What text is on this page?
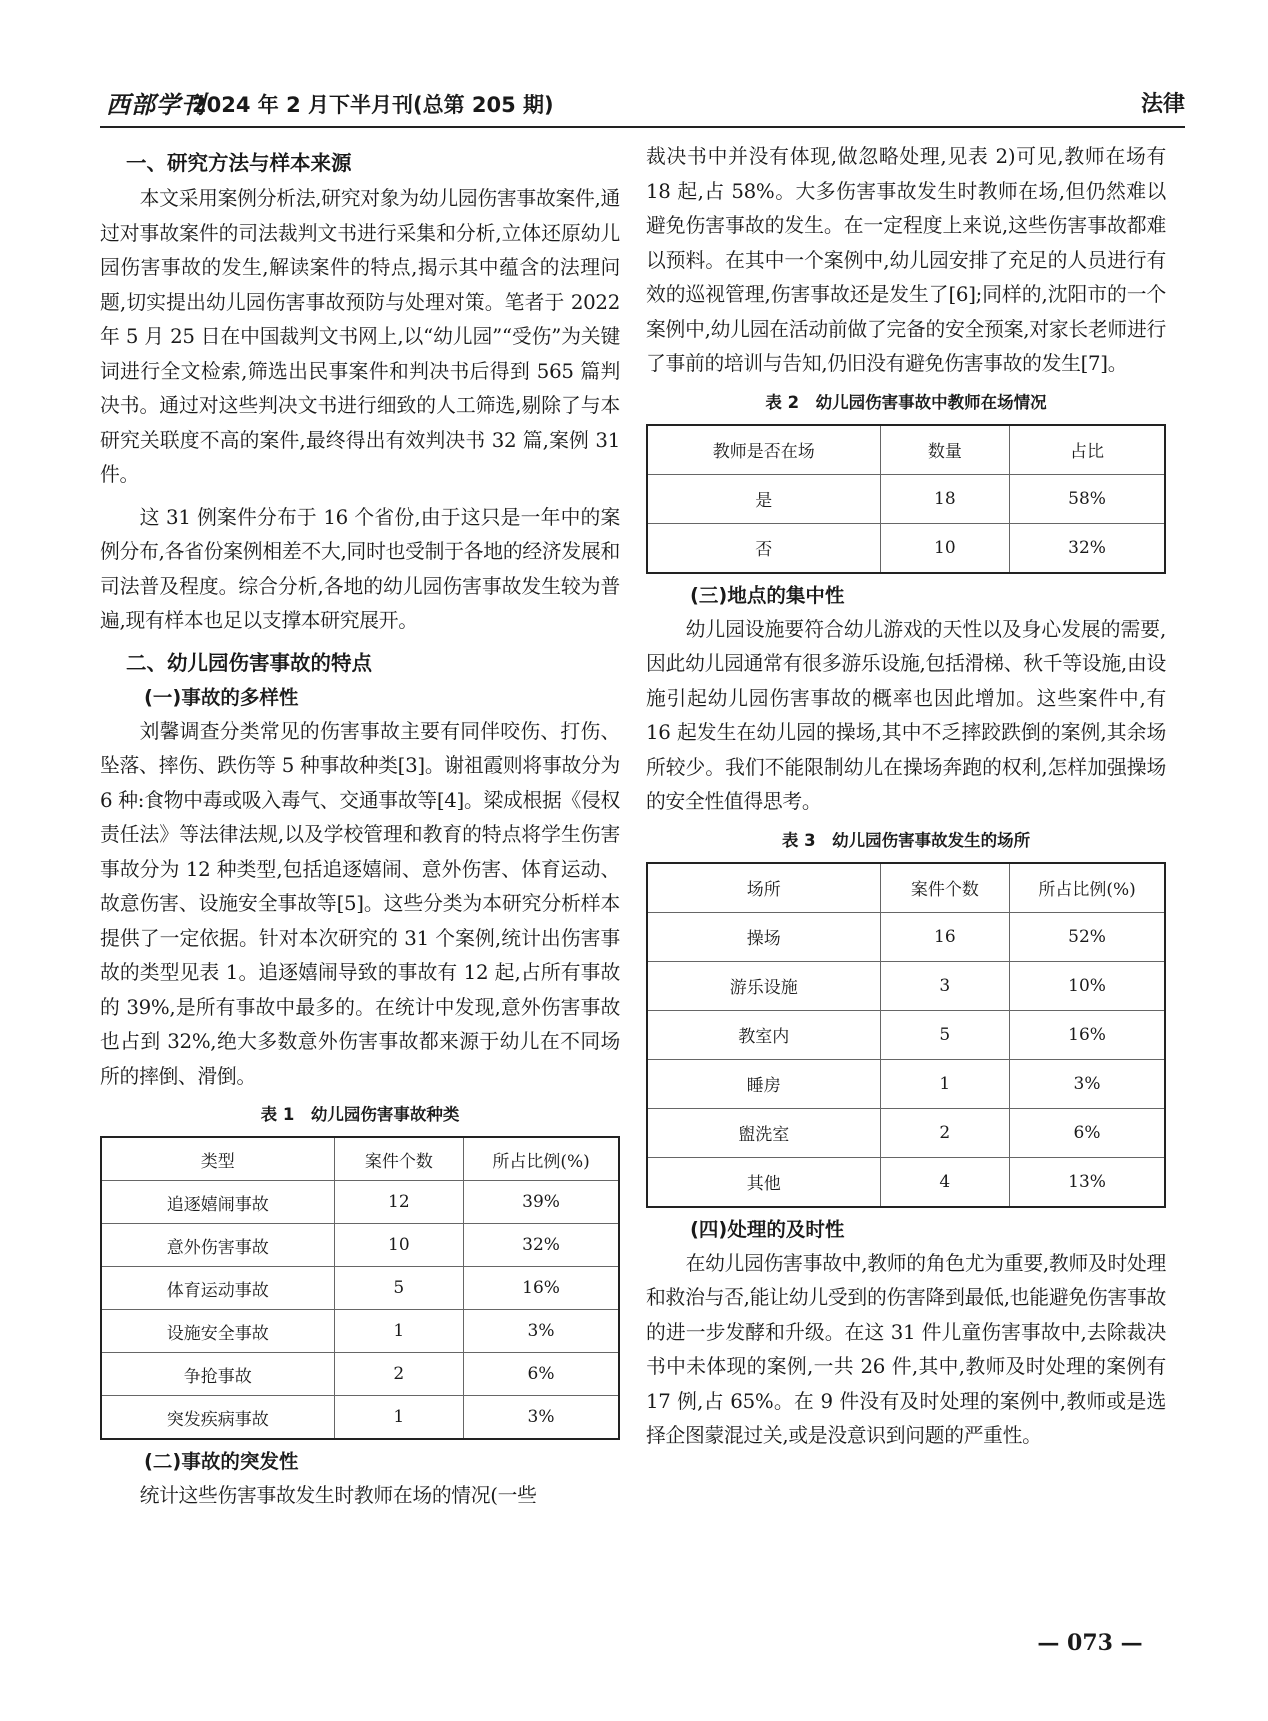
西部学刊
2024 年 2 月下半月刊(总第 205 期)	法律
一、研究方法与样本来源

本文采用案例分析法,研究对象为幼儿园伤害事故案件,通过对事故案件的司法裁判文书进行采集和分析,立体还原幼儿园伤害事故的发生,解读案件的特点,揭示其中蕴含的法理问题,切实提出幼儿园伤害事故预防与处理对策。笔者于 2022 年 5 月 25 日在中国裁判文书网上,以“幼儿园”“受伤”为关键词进行全文检索,筛选出民事案件和判决书后得到 565 篇判决书。通过对这些判决文书进行细致的人工筛选,剔除了与本研究关联度不高的案件,最终得出有效判决书 32 篇,案例 31 件。

这 31 例案件分布于 16 个省份,由于这只是一年中的案例分布,各省份案例相差不大,同时也受制于各地的经济发展和司法普及程度。综合分析,各地的幼儿园伤害事故发生较为普遍,现有样本也足以支撑本研究展开。

二、幼儿园伤害事故的特点
(一)事故的多样性

刘馨调查分类常见的伤害事故主要有同伴咬伤、打伤、坠落、摔伤、跌伤等 5 种事故种类[3]。谢祖霞则将事故分为 6 种:食物中毒或吸入毒气、交通事故等[4]。梁成根据《侵权责任法》等法律法规,以及学校管理和教育的特点将学生伤害事故分为 12 种类型,包括追逐嬉闹、意外伤害、体育运动、故意伤害、设施安全事故等[5]。这些分类为本研究分析样本提供了一定依据。针对本次研究的 31 个案例,统计出伤害事故的类型见表 1。追逐嬉闹导致的事故有 12 起,占所有事故的 39%,是所有事故中最多的。在统计中发现,意外伤害事故也占到 32%,绝大多数意外伤害事故都来源于幼儿在不同场所的摔倒、滑倒。

表 1　幼儿园伤害事故种类
类型	案件个数	所占比例(%)
追逐嬉闹事故	12	39%
意外伤害事故	10	32%
体育运动事故	5	16%
设施安全事故	1	3%
争抢事故	2	6%
突发疾病事故	1	3%
(二)事故的突发性

统计这些伤害事故发生时教师在场的情况(一些

裁决书中并没有体现,做忽略处理,见表 2)可见,教师在场有 18 起,占 58%。大多伤害事故发生时教师在场,但仍然难以避免伤害事故的发生。在一定程度上来说,这些伤害事故都难以预料。在其中一个案例中,幼儿园安排了充足的人员进行有效的巡视管理,伤害事故还是发生了[6];同样的,沈阳市的一个案例中,幼儿园在活动前做了完备的安全预案,对家长老师进行了事前的培训与告知,仍旧没有避免伤害事故的发生[7]。

表 2　幼儿园伤害事故中教师在场情况
教师是否在场	数量	占比
是	18	58%
否	10	32%
(三)地点的集中性

幼儿园设施要符合幼儿游戏的天性以及身心发展的需要,因此幼儿园通常有很多游乐设施,包括滑梯、秋千等设施,由设施引起幼儿园伤害事故的概率也因此增加。这些案件中,有 16 起发生在幼儿园的操场,其中不乏摔跤跌倒的案例,其余场所较少。我们不能限制幼儿在操场奔跑的权利,怎样加强操场的安全性值得思考。

表 3　幼儿园伤害事故发生的场所
场所	案件个数	所占比例(%)
操场	16	52%
游乐设施	3	10%
教室内	5	16%
睡房	1	3%
盥洗室	2	6%
其他	4	13%
(四)处理的及时性

在幼儿园伤害事故中,教师的角色尤为重要,教师及时处理和救治与否,能让幼儿受到的伤害降到最低,也能避免伤害事故的进一步发酵和升级。在这 31 件儿童伤害事故中,去除裁决书中未体现的案例,一共 26 件,其中,教师及时处理的案例有 17 例,占 65%。在 9 件没有及时处理的案例中,教师或是选择企图蒙混过关,或是没意识到问题的严重性。

— 073 —
